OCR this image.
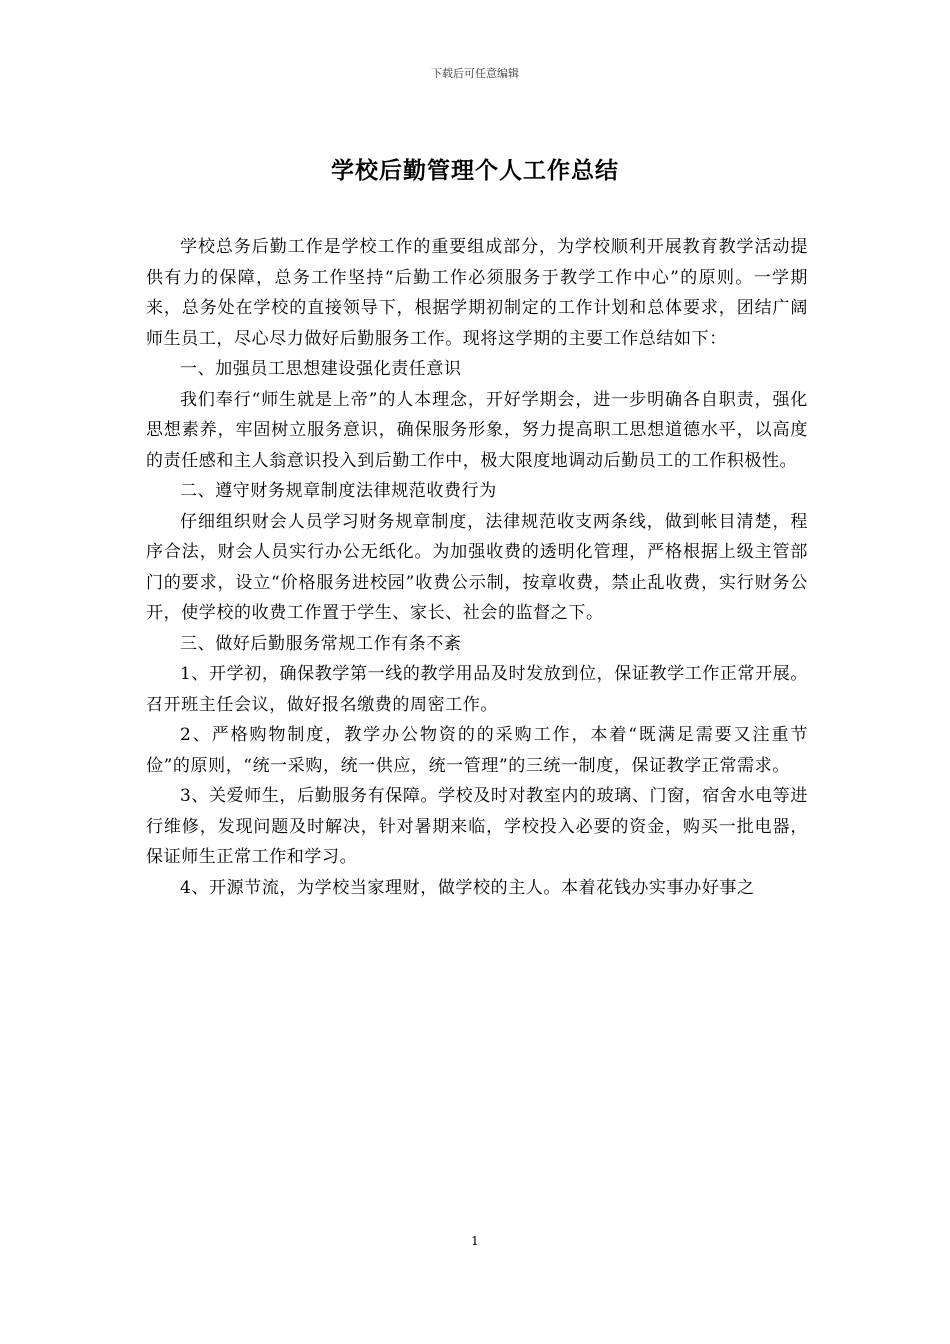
下载后可任意编辑
学校后勤管理个人工作总结

学校总务后勤工作是学校工作的重要组成部分，为学校顺利开展教育教学活动提供有力的保障，总务工作坚持“后勤工作必须服务于教学工作中心”的原则。一学期来，总务处在学校的直接领导下，根据学期初制定的工作计划和总体要求，团结广阔师生员工，尽心尽力做好后勤服务工作。现将这学期的主要工作总结如下：

一、加强员工思想建设强化责任意识

我们奉行“师生就是上帝”的人本理念，开好学期会，进一步明确各自职责，强化思想素养，牢固树立服务意识，确保服务形象，努力提高职工思想道德水平，以高度的责任感和主人翁意识投入到后勤工作中，极大限度地调动后勤员工的工作积极性。

二、遵守财务规章制度法律规范收费行为

仔细组织财会人员学习财务规章制度，法律规范收支两条线，做到帐目清楚，程序合法，财会人员实行办公无纸化。为加强收费的透明化管理，严格根据上级主管部门的要求，设立“价格服务进校园”收费公示制，按章收费，禁止乱收费，实行财务公开，使学校的收费工作置于学生、家长、社会的监督之下。

三、做好后勤服务常规工作有条不紊

1、开学初，确保教学第一线的教学用品及时发放到位，保证教学工作正常开展。召开班主任会议，做好报名缴费的周密工作。

2、严格购物制度，教学办公物资的的采购工作，本着“既满足需要又注重节俭”的原则，“统一采购，统一供应，统一管理”的三统一制度，保证教学正常需求。

3、关爱师生，后勤服务有保障。学校及时对教室内的玻璃、门窗，宿舍水电等进行维修，发现问题及时解决，针对暑期来临，学校投入必要的资金，购买一批电器，保证师生正常工作和学习。

4、开源节流，为学校当家理财，做学校的主人。本着花钱办实事办好事之

1
